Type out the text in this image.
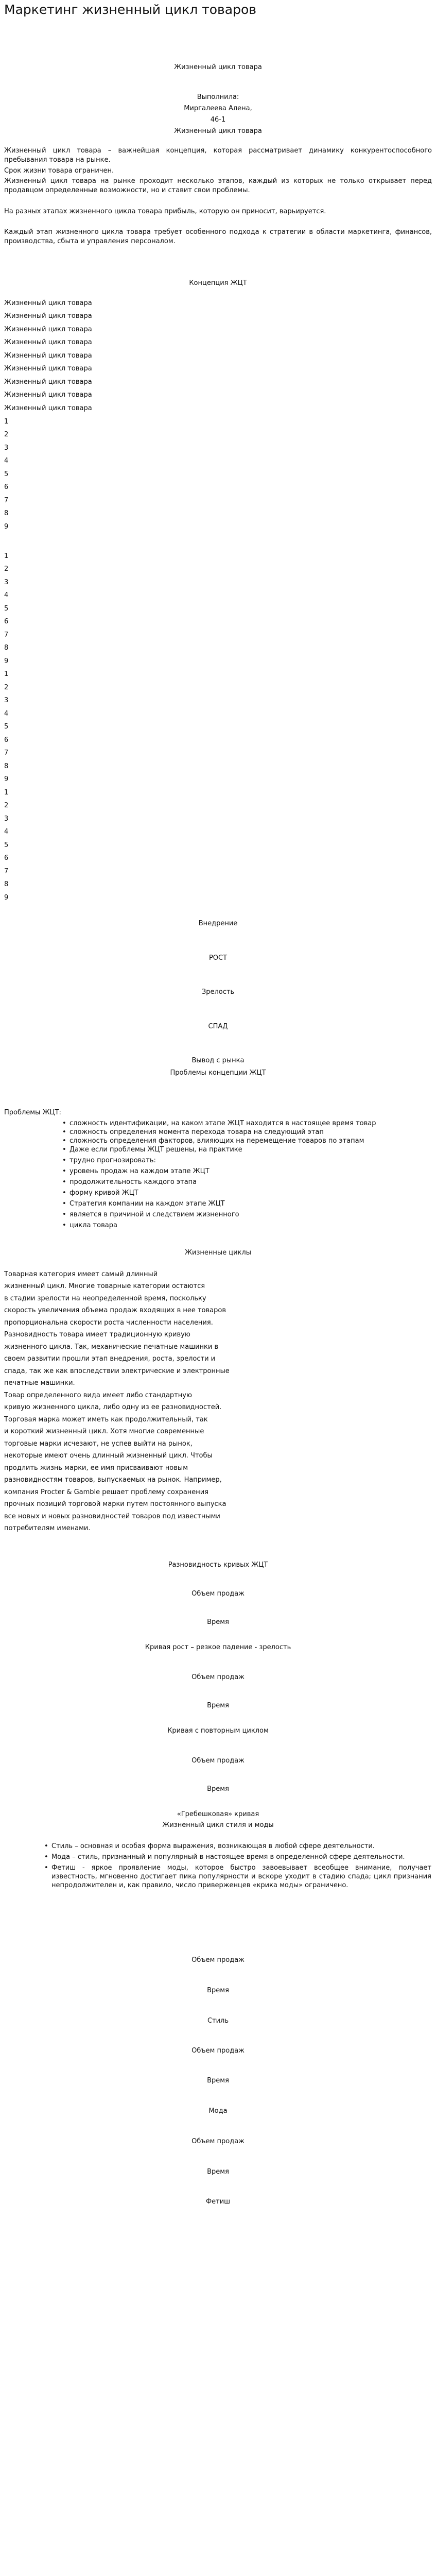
Маркетинг жизненный цикл товаров
Жизненный цикл товара
Выполнила:
Миргалеева Алена,
46-1
Жизненный цикл товара
Жизненный цикл товара – важнейшая концепция, которая рассматривает динамику конкурентоспособного пребывания товара на рынке.
Срок жизни товара ограничен.
Жизненный цикл товара на рынке проходит несколько этапов, каждый из которых не только открывает перед продавцом определенные возможности, но и ставит свои проблемы.
На разных этапах жизненного цикла товара прибыль, которую он приносит, варьируется.
Каждый этап жизненного цикла товара требует особенного подхода к стратегии в области маркетинга, финансов, производства, сбыта и управления персоналом.
Концепция ЖЦТ
Жизненный цикл товара
Жизненный цикл товара
Жизненный цикл товара
Жизненный цикл товара
Жизненный цикл товара
Жизненный цикл товара
Жизненный цикл товара
Жизненный цикл товара
Жизненный цикл товара
1
2
3
4
5
6
7
8
9
1
2
3
4
5
6
7
8
9
1
2
3
4
5
6
7
8
9
1
2
3
4
5
6
7
8
9
Внедрение
РОСТ
Зрелость
СПАД
Вывод с рынка
Проблемы концепции ЖЦТ
Проблемы ЖЦТ:
• сложность идентификации, на каком этапе ЖЦТ находится в настоящее время товар
• сложность определения момента перехода товара на следующий этап
• сложность определения факторов, влияющих на перемещение товаров по этапам
• Даже если проблемы ЖЦТ решены, на практике
• трудно прогнозировать:
• уровень продаж на каждом этапе ЖЦТ
• продолжительность каждого этапа
• форму кривой ЖЦТ
• Стратегия компании на каждом этапе ЖЦТ
• является в причиной и следствием жизненного
• цикла товара
Жизненные циклы
Товарная категория имеет самый длинный
жизненный цикл. Многие товарные категории остаются
в стадии зрелости на неопределенной время, поскольку
скорость увеличения объема продаж входящих в нее товаров
пропорциональна скорости роста численности населения.
Разновидность товара имеет традиционную кривую
жизненного цикла. Так, механические печатные машинки в
своем развитии прошли этап внедрения, роста, зрелости и
спада, так же как впоследствии электрические и электронные
печатные машинки.
Товар определенного вида имеет либо стандартную
кривую жизненного цикла, либо одну из ее разновидностей.
Торговая марка может иметь как продолжительный, так
и короткий жизненный цикл. Хотя многие современные
торговые марки исчезают, не успев выйти на рынок,
некоторые имеют очень длинный жизненный цикл. Чтобы
продлить жизнь марки, ее имя присваивают новым
разновидностям товаров, выпускаемых на рынок. Например,
компания Procter & Gamble решает проблему сохранения
прочных позиций торговой марки путем постоянного выпуска
все новых и новых разновидностей товаров под известными
потребителям именами.
Разновидность кривых ЖЦТ
Объем продаж
Время
Кривая рост – резкое падение - зрелость
Объем продаж
Время
Кривая с повторным циклом
Объем продаж
Время
«Гребешковая» кривая
Жизненный цикл стиля и моды
• Стиль – основная и особая форма выражения, возникающая в любой сфере деятельности.
• Мода – стиль, признанный и популярный в настоящее время в определенной сфере деятельности.
• Фетиш - яркое проявление моды, которое быстро завоевывает всеобщее внимание, получает известность, мгновенно достигает пика популярности и вскоре уходит в стадию спада; цикл признания непродолжителен и, как правило, число приверженцев «крика моды» ограничено.
Объем продаж
Время
Стиль
Объем продаж
Время
Мода
Объем продаж
Время
Фетиш
